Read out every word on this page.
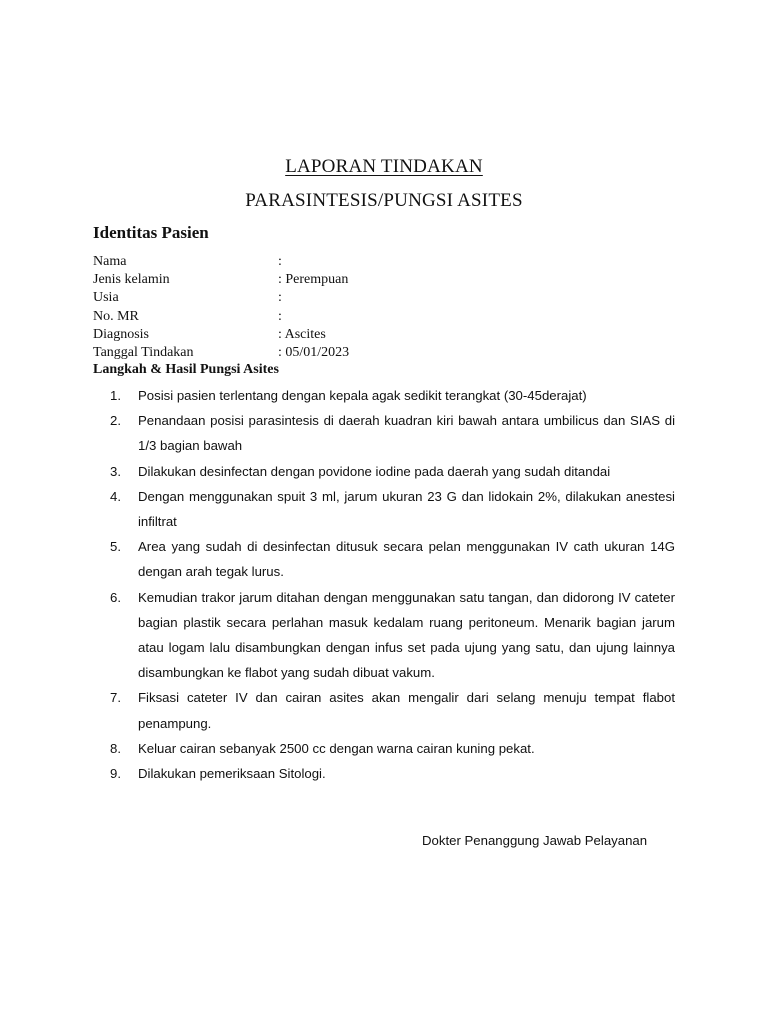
LAPORAN TINDAKAN
PARASINTESIS/PUNGSI ASITES
Identitas Pasien
Nama	:
Jenis kelamin	: Perempuan
Usia	:
No. MR	:
Diagnosis	: Ascites
Tanggal Tindakan	: 05/01/2023
Langkah & Hasil Pungsi Asites
1.	Posisi pasien terlentang dengan kepala agak sedikit terangkat (30-45derajat)
2.	Penandaan posisi parasintesis di daerah kuadran kiri bawah antara umbilicus dan SIAS di 1/3 bagian bawah
3.	Dilakukan desinfectan dengan povidone iodine pada daerah yang sudah ditandai
4.	Dengan menggunakan spuit 3 ml, jarum ukuran 23 G dan lidokain 2%, dilakukan anestesi infiltrat
5.	Area yang sudah di desinfectan ditusuk secara pelan menggunakan IV cath ukuran 14G dengan arah tegak lurus.
6.	Kemudian trakor jarum ditahan dengan menggunakan satu tangan, dan didorong IV cateter bagian plastik secara perlahan masuk kedalam ruang peritoneum. Menarik bagian jarum atau logam lalu disambungkan dengan infus set pada ujung yang satu, dan ujung lainnya disambungkan ke flabot yang sudah dibuat vakum.
7.	Fiksasi cateter IV dan cairan asites akan mengalir dari selang menuju tempat flabot penampung.
8.	Keluar cairan sebanyak 2500 cc dengan warna cairan kuning pekat.
9.	Dilakukan pemeriksaan Sitologi.
Dokter Penanggung Jawab Pelayanan
